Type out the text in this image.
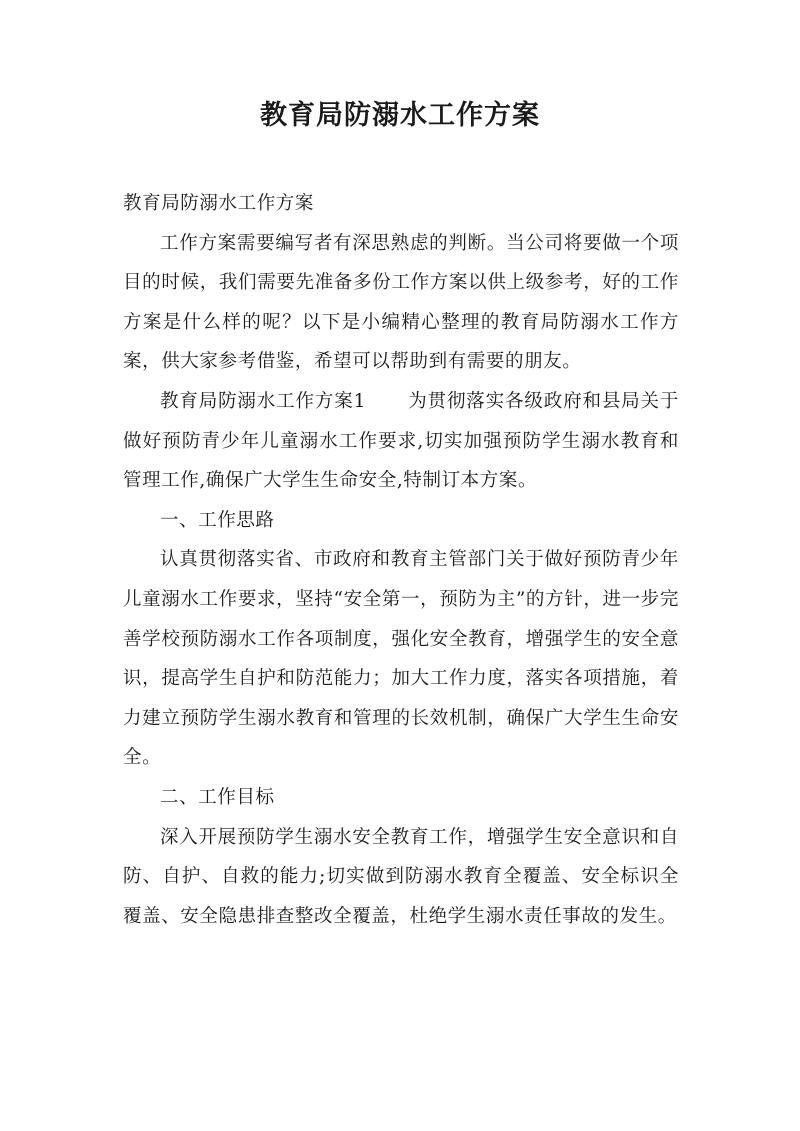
教育局防溺水工作方案

教育局防溺水工作方案

工作方案需要编写者有深思熟虑的判断。当公司将要做一个项目的时候，我们需要先准备多份工作方案以供上级参考，好的工作方案是什么样的呢？以下是小编精心整理的教育局防溺水工作方案，供大家参考借鉴，希望可以帮助到有需要的朋友。

教育局防溺水工作方案1 为贯彻落实各级政府和县局关于做好预防青少年儿童溺水工作要求,切实加强预防学生溺水教育和管理工作,确保广大学生生命安全,特制订本方案。

一、工作思路

认真贯彻落实省、市政府和教育主管部门关于做好预防青少年儿童溺水工作要求，坚持“安全第一，预防为主”的方针，进一步完善学校预防溺水工作各项制度，强化安全教育，增强学生的安全意识，提高学生自护和防范能力；加大工作力度，落实各项措施，着力建立预防学生溺水教育和管理的长效机制，确保广大学生生命安全。

二、工作目标

深入开展预防学生溺水安全教育工作，增强学生安全意识和自防、自护、自救的能力;切实做到防溺水教育全覆盖、安全标识全覆盖、安全隐患排查整改全覆盖，杜绝学生溺水责任事故的发生。
